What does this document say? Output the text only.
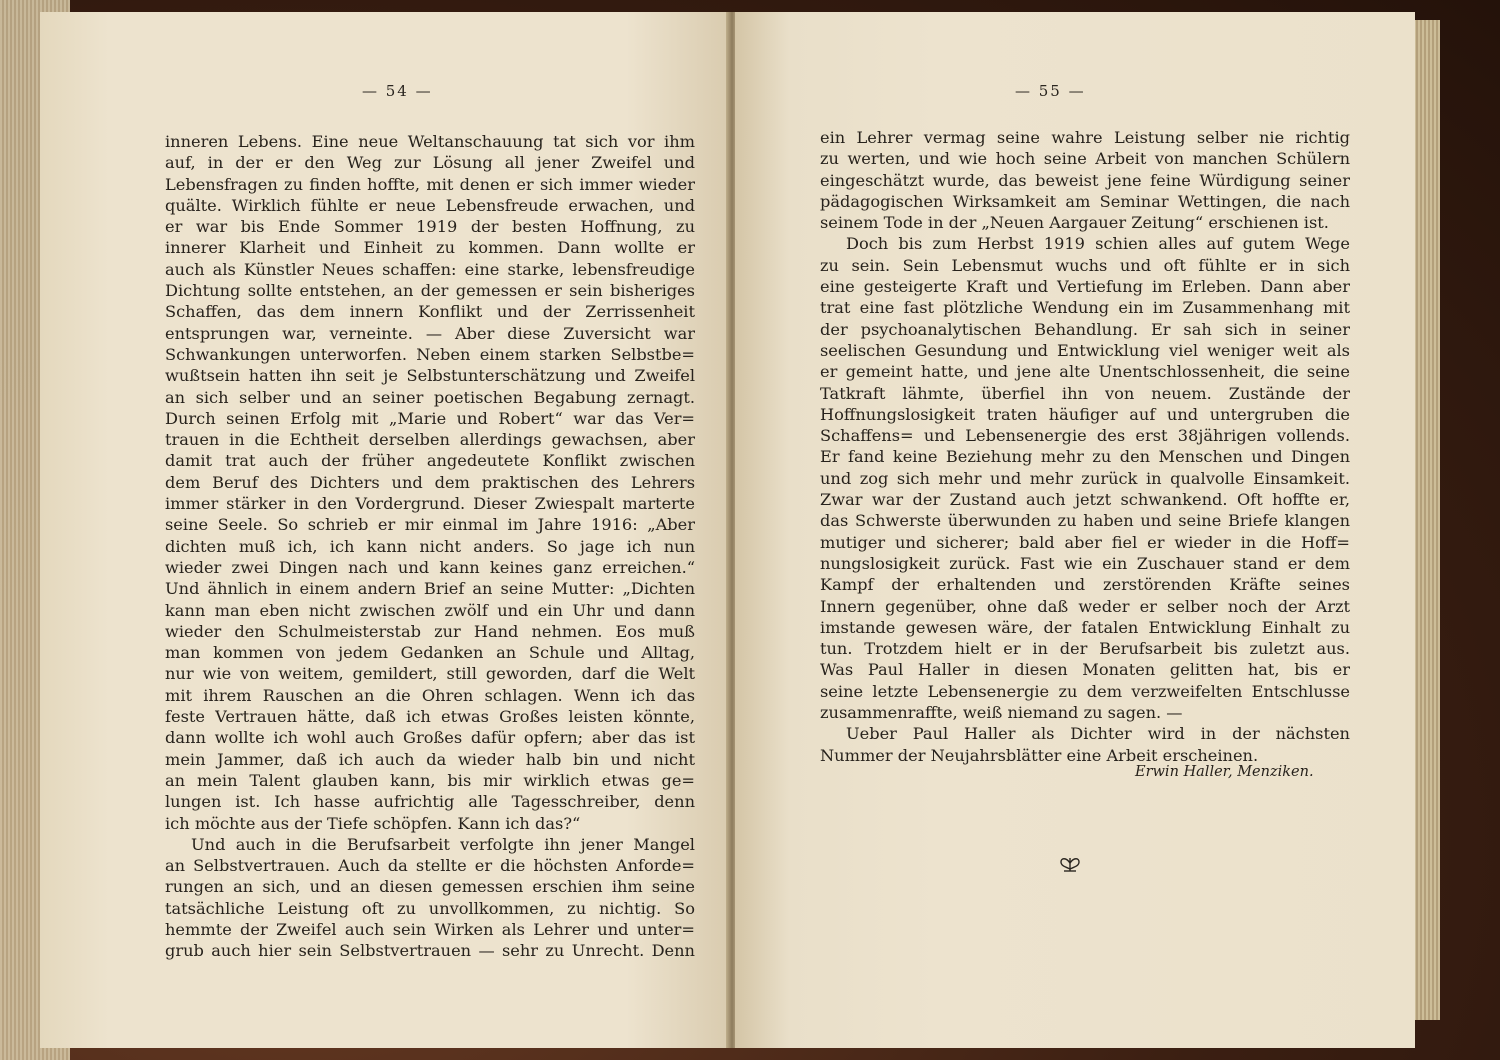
— 54 —
inneren Lebens. Eine neue Weltanschauung tat sich vor ihm
auf, in der er den Weg zur Lösung all jener Zweifel und
Lebensfragen zu finden hoffte, mit denen er sich immer wieder
quälte. Wirklich fühlte er neue Lebensfreude erwachen, und
er war bis Ende Sommer 1919 der besten Hoffnung, zu
innerer Klarheit und Einheit zu kommen. Dann wollte er
auch als Künstler Neues schaffen: eine starke, lebensfreudige
Dichtung sollte entstehen, an der gemessen er sein bisheriges
Schaffen, das dem innern Konflikt und der Zerrissenheit
entsprungen war, verneinte. — Aber diese Zuversicht war
Schwankungen unterworfen. Neben einem starken Selbstbe=
wußtsein hatten ihn seit je Selbstunterschätzung und Zweifel
an sich selber und an seiner poetischen Begabung zernagt.
Durch seinen Erfolg mit „Marie und Robert“ war das Ver=
trauen in die Echtheit derselben allerdings gewachsen, aber
damit trat auch der früher angedeutete Konflikt zwischen
dem Beruf des Dichters und dem praktischen des Lehrers
immer stärker in den Vordergrund. Dieser Zwiespalt marterte
seine Seele. So schrieb er mir einmal im Jahre 1916: „Aber
dichten muß ich, ich kann nicht anders. So jage ich nun
wieder zwei Dingen nach und kann keines ganz erreichen.“
Und ähnlich in einem andern Brief an seine Mutter: „Dichten
kann man eben nicht zwischen zwölf und ein Uhr und dann
wieder den Schulmeisterstab zur Hand nehmen. Eos muß
man kommen von jedem Gedanken an Schule und Alltag,
nur wie von weitem, gemildert, still geworden, darf die Welt
mit ihrem Rauschen an die Ohren schlagen. Wenn ich das
feste Vertrauen hätte, daß ich etwas Großes leisten könnte,
dann wollte ich wohl auch Großes dafür opfern; aber das ist
mein Jammer, daß ich auch da wieder halb bin und nicht
an mein Talent glauben kann, bis mir wirklich etwas ge=
lungen ist. Ich hasse aufrichtig alle Tagesschreiber, denn
ich möchte aus der Tiefe schöpfen. Kann ich das?“
Und auch in die Berufsarbeit verfolgte ihn jener Mangel
an Selbstvertrauen. Auch da stellte er die höchsten Anforde=
rungen an sich, und an diesen gemessen erschien ihm seine
tatsächliche Leistung oft zu unvollkommen, zu nichtig. So
hemmte der Zweifel auch sein Wirken als Lehrer und unter=
grub auch hier sein Selbstvertrauen — sehr zu Unrecht. Denn
— 55 —
ein Lehrer vermag seine wahre Leistung selber nie richtig
zu werten, und wie hoch seine Arbeit von manchen Schülern
eingeschätzt wurde, das beweist jene feine Würdigung seiner
pädagogischen Wirksamkeit am Seminar Wettingen, die nach
seinem Tode in der „Neuen Aargauer Zeitung“ erschienen ist.
Doch bis zum Herbst 1919 schien alles auf gutem Wege
zu sein. Sein Lebensmut wuchs und oft fühlte er in sich
eine gesteigerte Kraft und Vertiefung im Erleben. Dann aber
trat eine fast plötzliche Wendung ein im Zusammenhang mit
der psychoanalytischen Behandlung. Er sah sich in seiner
seelischen Gesundung und Entwicklung viel weniger weit als
er gemeint hatte, und jene alte Unentschlossenheit, die seine
Tatkraft lähmte, überfiel ihn von neuem. Zustände der
Hoffnungslosigkeit traten häufiger auf und untergruben die
Schaffens= und Lebensenergie des erst 38jährigen vollends.
Er fand keine Beziehung mehr zu den Menschen und Dingen
und zog sich mehr und mehr zurück in qualvolle Einsamkeit.
Zwar war der Zustand auch jetzt schwankend. Oft hoffte er,
das Schwerste überwunden zu haben und seine Briefe klangen
mutiger und sicherer; bald aber fiel er wieder in die Hoff=
nungslosigkeit zurück. Fast wie ein Zuschauer stand er dem
Kampf der erhaltenden und zerstörenden Kräfte seines
Innern gegenüber, ohne daß weder er selber noch der Arzt
imstande gewesen wäre, der fatalen Entwicklung Einhalt zu
tun. Trotzdem hielt er in der Berufsarbeit bis zuletzt aus.
Was Paul Haller in diesen Monaten gelitten hat, bis er
seine letzte Lebensenergie zu dem verzweifelten Entschlusse
zusammenraffte, weiß niemand zu sagen. —
Ueber Paul Haller als Dichter wird in der nächsten
Nummer der Neujahrsblätter eine Arbeit erscheinen.
Erwin Haller, Menziken.
